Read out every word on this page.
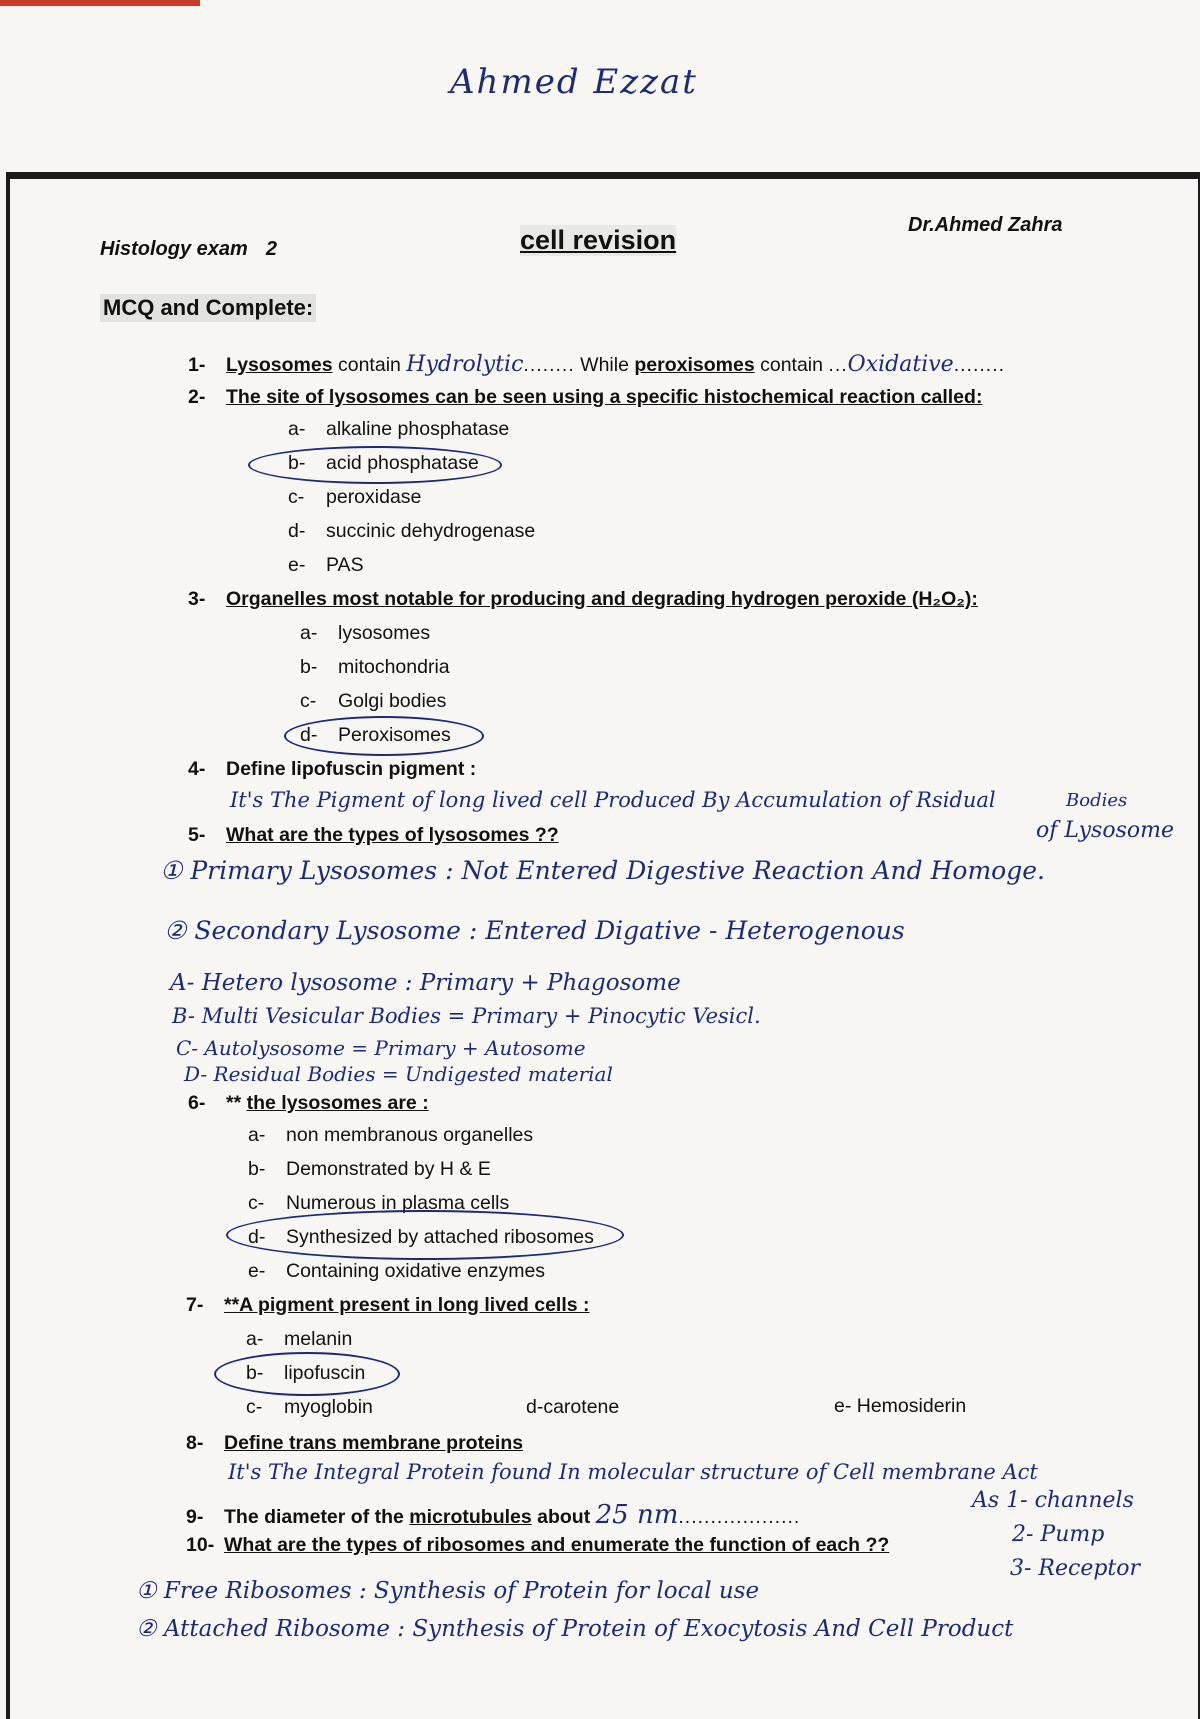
Ahmed Ezzat
Histology exam 2	cell revision	Dr.Ahmed Zahra
MCQ and Complete:
1- Lysosomes contain Hydrolytic........ While peroxisomes contain ...Oxidative........
2- The site of lysosomes can be seen using a specific histochemical reaction called:
a- alkaline phosphatase
b- acid phosphatase
c- peroxidase
d- succinic dehydrogenase
e- PAS
3- Organelles most notable for producing and degrading hydrogen peroxide (H₂O₂):
a- lysosomes
b- mitochondria
c- Golgi bodies
d- Peroxisomes
4- Define lipofuscin pigment :
It's The Pigment of long lived cell Produced By Accumulation of Rsidual	Bodies
5- What are the types of lysosomes ??	of Lysosome
① Primary Lysosomes : Not Entered Digestive Reaction And Homoge.
② Secondary Lysosome : Entered Digative - Heterogenous
A- Hetero lysosome : Primary + Phagosome
B- Multi Vesicular Bodies = Primary + Pinocytic Vesicl.
C- Autolysosome = Primary + Autosome
D- Residual Bodies = Undigested material
6- ** the lysosomes are :
a- non membranous organelles
b- Demonstrated by H & E
c- Numerous in plasma cells
d- Synthesized by attached ribosomes
e- Containing oxidative enzymes
7- **A pigment present in long lived cells :
a- melanin
b- lipofuscin
c- myoglobin	d-carotene	e- Hemosiderin
8- Define trans membrane proteins
It's The Integral Protein found In molecular structure of Cell membrane Act
As 1- channels
2- Pump
3- Receptor
9- The diameter of the microtubules about 25 nm...................
10- What are the types of ribosomes and enumerate the function of each ??
① Free Ribosomes : Synthesis of Protein for local use
② Attached Ribosome : Synthesis of Protein of Exocytosis And Cell Product
